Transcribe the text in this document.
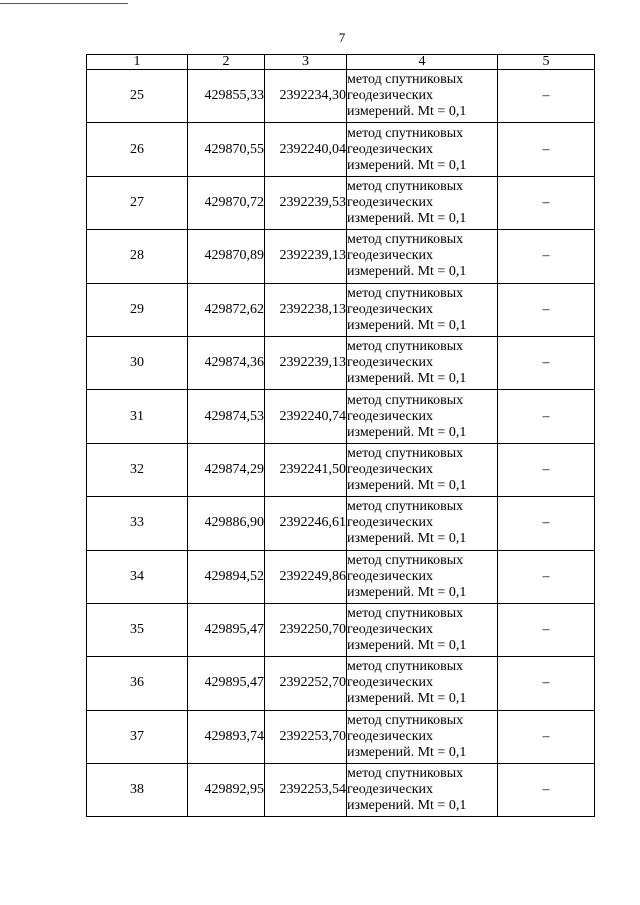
7
1	2	3	4	5
25	429855,33	2392234,30	метод спутниковых
геодезических
измерений. Mt = 0,1	–
26	429870,55	2392240,04	метод спутниковых
геодезических
измерений. Mt = 0,1	–
27	429870,72	2392239,53	метод спутниковых
геодезических
измерений. Mt = 0,1	–
28	429870,89	2392239,13	метод спутниковых
геодезических
измерений. Mt = 0,1	–
29	429872,62	2392238,13	метод спутниковых
геодезических
измерений. Mt = 0,1	–
30	429874,36	2392239,13	метод спутниковых
геодезических
измерений. Mt = 0,1	–
31	429874,53	2392240,74	метод спутниковых
геодезических
измерений. Mt = 0,1	–
32	429874,29	2392241,50	метод спутниковых
геодезических
измерений. Mt = 0,1	–
33	429886,90	2392246,61	метод спутниковых
геодезических
измерений. Mt = 0,1	–
34	429894,52	2392249,86	метод спутниковых
геодезических
измерений. Mt = 0,1	–
35	429895,47	2392250,70	метод спутниковых
геодезических
измерений. Mt = 0,1	–
36	429895,47	2392252,70	метод спутниковых
геодезических
измерений. Mt = 0,1	–
37	429893,74	2392253,70	метод спутниковых
геодезических
измерений. Mt = 0,1	–
38	429892,95	2392253,54	метод спутниковых
геодезических
измерений. Mt = 0,1	–
